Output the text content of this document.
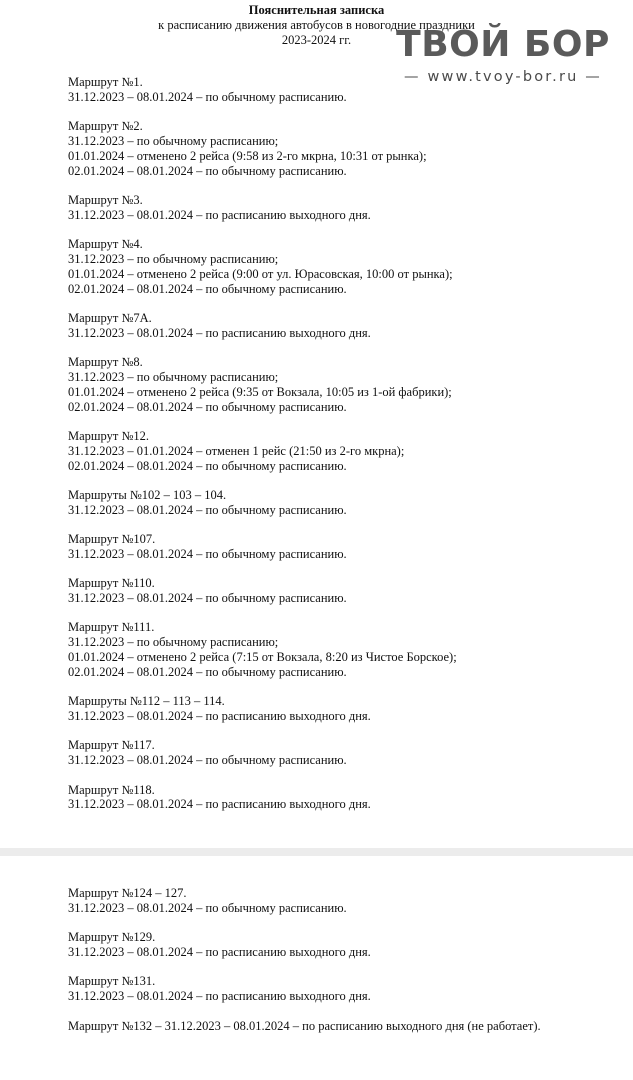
Пояснительная записка
к расписанию движения автобусов в новогодние праздники
2023-2024 гг.	ТВОЙ БОР
— www.tvoy-bor.ru —
Маршрут №1.
31.12.2023 – 08.01.2024 – по обычному расписанию.
Маршрут №2.
31.12.2023 – по обычному расписанию;
01.01.2024 – отменено 2 рейса (9:58 из 2-го мкрна, 10:31 от рынка);
02.01.2024 – 08.01.2024 – по обычному расписанию.
Маршрут №3.
31.12.2023 – 08.01.2024 – по расписанию выходного дня.
Маршрут №4.
31.12.2023 – по обычному расписанию;
01.01.2024 – отменено 2 рейса (9:00 от ул. Юрасовская, 10:00 от рынка);
02.01.2024 – 08.01.2024 – по обычному расписанию.
Маршрут №7А.
31.12.2023 – 08.01.2024 – по расписанию выходного дня.
Маршрут №8.
31.12.2023 – по обычному расписанию;
01.01.2024 – отменено 2 рейса (9:35 от Вокзала, 10:05 из 1-ой фабрики);
02.01.2024 – 08.01.2024 – по обычному расписанию.
Маршрут №12.
31.12.2023 – 01.01.2024 – отменен 1 рейс (21:50 из 2-го мкрна);
02.01.2024 – 08.01.2024 – по обычному расписанию.
Маршруты №102 – 103 – 104.
31.12.2023 – 08.01.2024 – по обычному расписанию.
Маршрут №107.
31.12.2023 – 08.01.2024 – по обычному расписанию.
Маршрут №110.
31.12.2023 – 08.01.2024 – по обычному расписанию.
Маршрут №111.
31.12.2023 – по обычному расписанию;
01.01.2024 – отменено 2 рейса (7:15 от Вокзала, 8:20 из Чистое Борское);
02.01.2024 – 08.01.2024 – по обычному расписанию.
Маршруты №112 – 113 – 114.
31.12.2023 – 08.01.2024 – по расписанию выходного дня.
Маршрут №117.
31.12.2023 – 08.01.2024 – по обычному расписанию.
Маршрут №118.
31.12.2023 – 08.01.2024 – по расписанию выходного дня.
Маршрут №124 – 127.
31.12.2023 – 08.01.2024 – по обычному расписанию.
Маршрут №129.
31.12.2023 – 08.01.2024 – по расписанию выходного дня.
Маршрут №131.
31.12.2023 – 08.01.2024 – по расписанию выходного дня.
Маршрут №132 – 31.12.2023 – 08.01.2024 – по расписанию выходного дня (не работает).
